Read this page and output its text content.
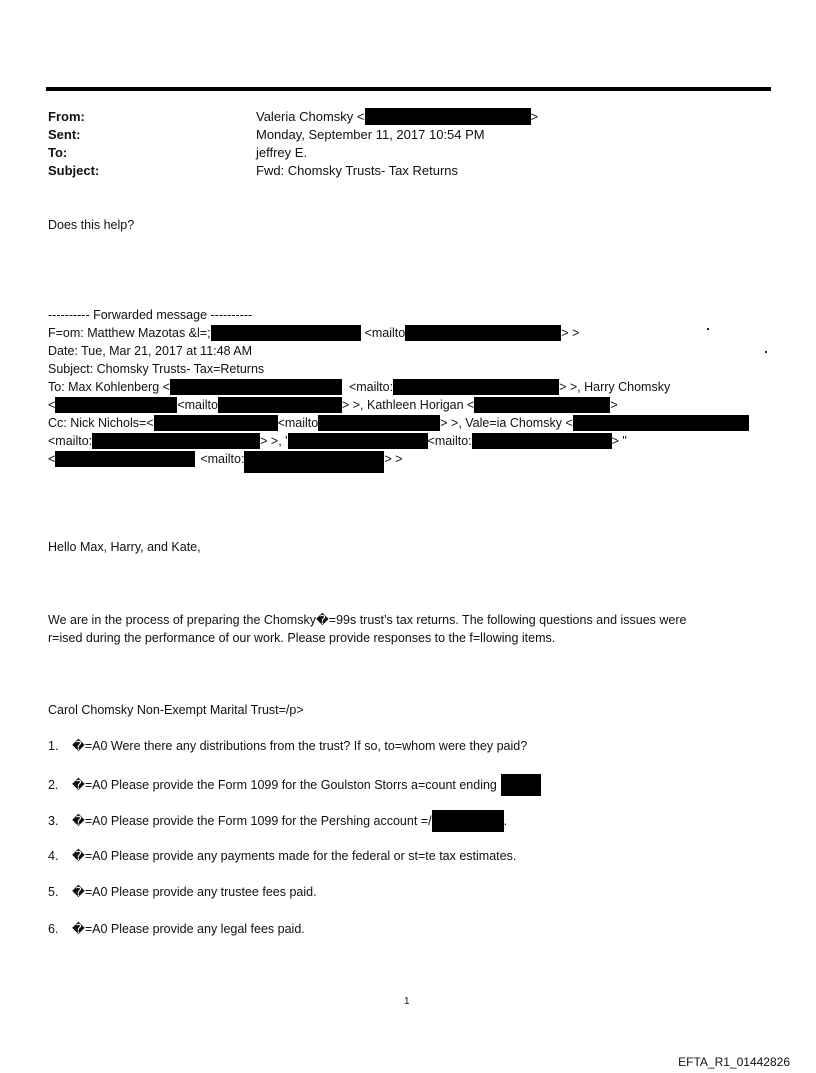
From:	Valeria Chomsky <	>
Sent:	Monday, September 11, 2017 10:54 PM
To:	jeffrey E.
Subject:	Fwd: Chomsky Trusts- Tax Returns
Does this help?
---------- Forwarded message ----------
F=om: Matthew Mazotas &l=;	<mailto	> >
Date: Tue, Mar 21, 2017 at 11:48 AM
Subject: Chomsky Trusts- Tax=Returns
To: Max Kohlenberg <	<mailto:	> >, Harry Chomsky
<	<mailto	> >, Kathleen Horigan <	>
Cc: Nick Nichols=<	<mailto	> >, Vale=ia Chomsky <
<mailto:	> >, '	<mailto:	> "
<	<mailto:	> >
Hello Max, Harry, and Kate,
We are in the process of preparing the Chomsky�=99s trust’s tax returns. The following questions and issues were
r=ised during the performance of our work. Please provide responses to the f=llowing items.
Carol Chomsky Non-Exempt Marital Trust=/p>
1. �=A0 Were there any distributions from the trust? If so, to=whom were they paid?
2. �=A0 Please provide the Form 1099 for the Goulston Storrs a=count ending
3. �=A0 Please provide the Form 1099 for the Pershing account =/	.
4. �=A0 Please provide any payments made for the federal or st=te tax estimates.
5. �=A0 Please provide any trustee fees paid.
6. �=A0 Please provide any legal fees paid.
1
EFTA_R1_01442826
